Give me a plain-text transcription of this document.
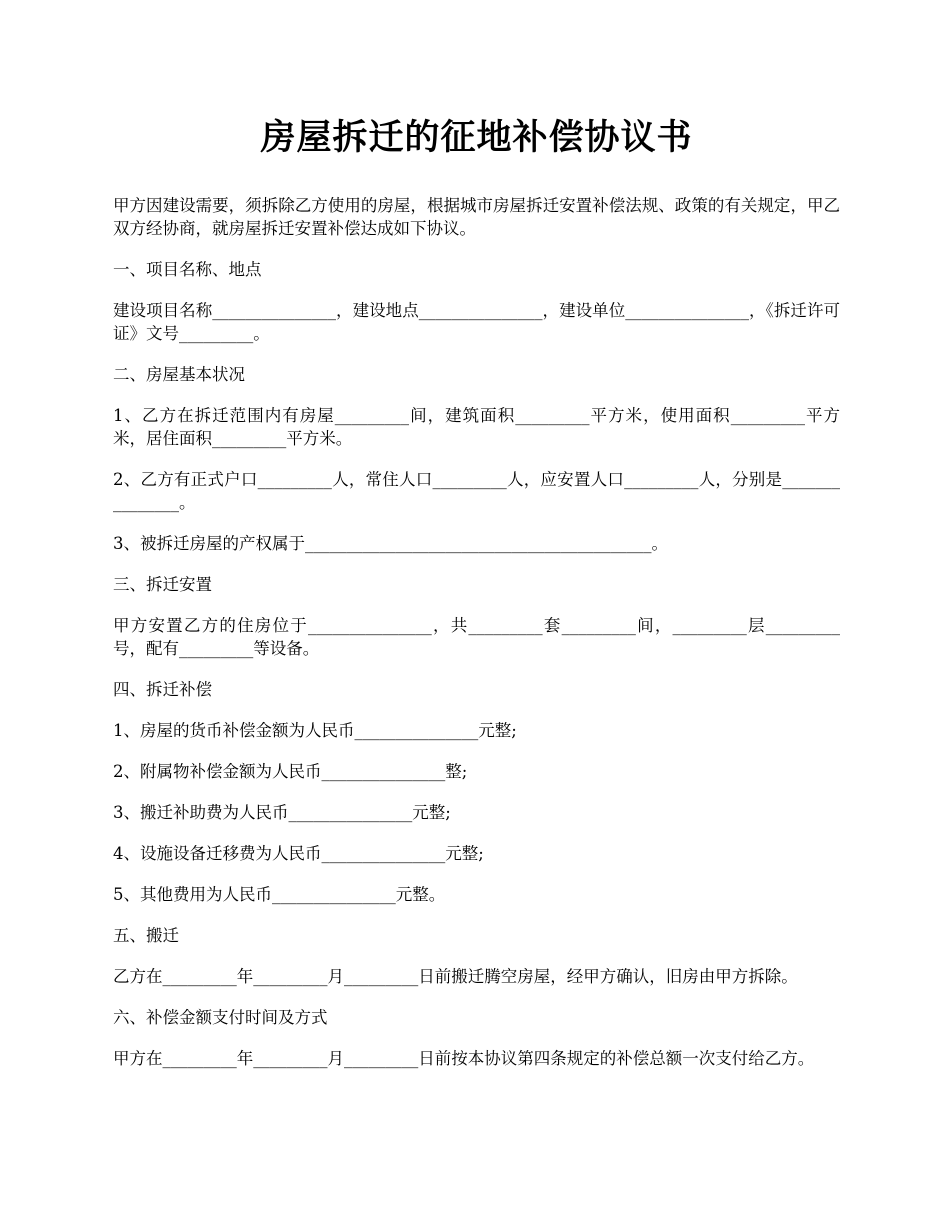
房屋拆迁的征地补偿协议书

甲方因建设需要，须拆除乙方使用的房屋，根据城市房屋拆迁安置补偿法规、政策的有关规定，甲乙双方经协商，就房屋拆迁安置补偿达成如下协议。

一、项目名称、地点

建设项目名称_______________，建设地点_______________，建设单位_______________，《拆迁许可证》文号_________。

二、房屋基本状况

1、乙方在拆迁范围内有房屋_________间，建筑面积_________平方米，使用面积_________平方米，居住面积_________平方米。

2、乙方有正式户口_________人，常住人口_________人，应安置人口_________人，分别是_______________。

3、被拆迁房屋的产权属于__________________________________________。

三、拆迁安置

甲方安置乙方的住房位于_______________，共_________套_________间，_________层_________号，配有_________等设备。

四、拆迁补偿

1、房屋的货币补偿金额为人民币_______________元整;

2、附属物补偿金额为人民币_______________整;

3、搬迁补助费为人民币_______________元整;

4、设施设备迁移费为人民币_______________元整;

5、其他费用为人民币_______________元整。

五、搬迁

乙方在_________年_________月_________日前搬迁腾空房屋，经甲方确认，旧房由甲方拆除。

六、补偿金额支付时间及方式

甲方在_________年_________月_________日前按本协议第四条规定的补偿总额一次支付给乙方。
